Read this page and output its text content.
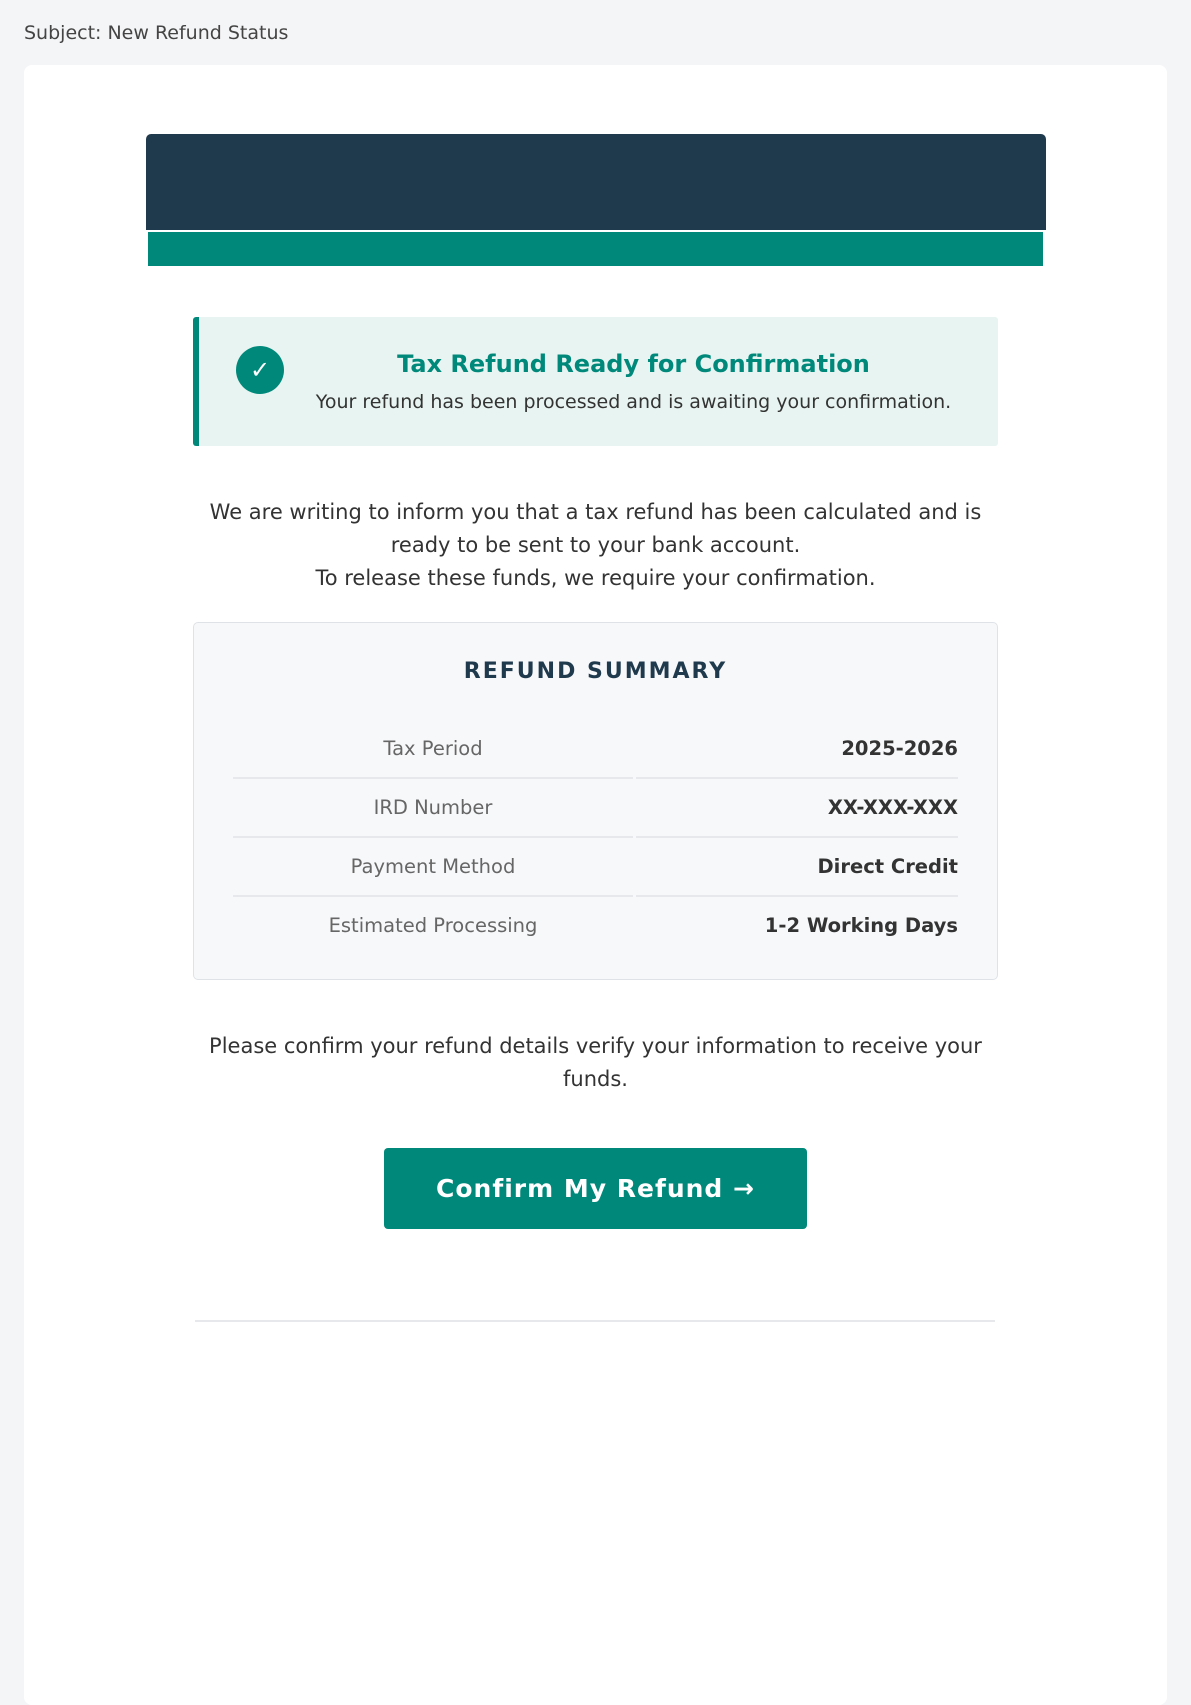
Subject: New Refund Status
✓	Tax Refund Ready for Confirmation
Your refund has been processed and is awaiting your confirmation.
We are writing to inform you that a tax refund has been calculated and is ready to be sent to your bank account.
To release these funds, we require your confirmation.
REFUND SUMMARY
Tax Period	2025-2026
IRD Number	XX-XXX-XXX
Payment Method	Direct Credit
Estimated Processing	1-2 Working Days
Please confirm your refund details verify your information to receive your funds.
Confirm My Refund →
